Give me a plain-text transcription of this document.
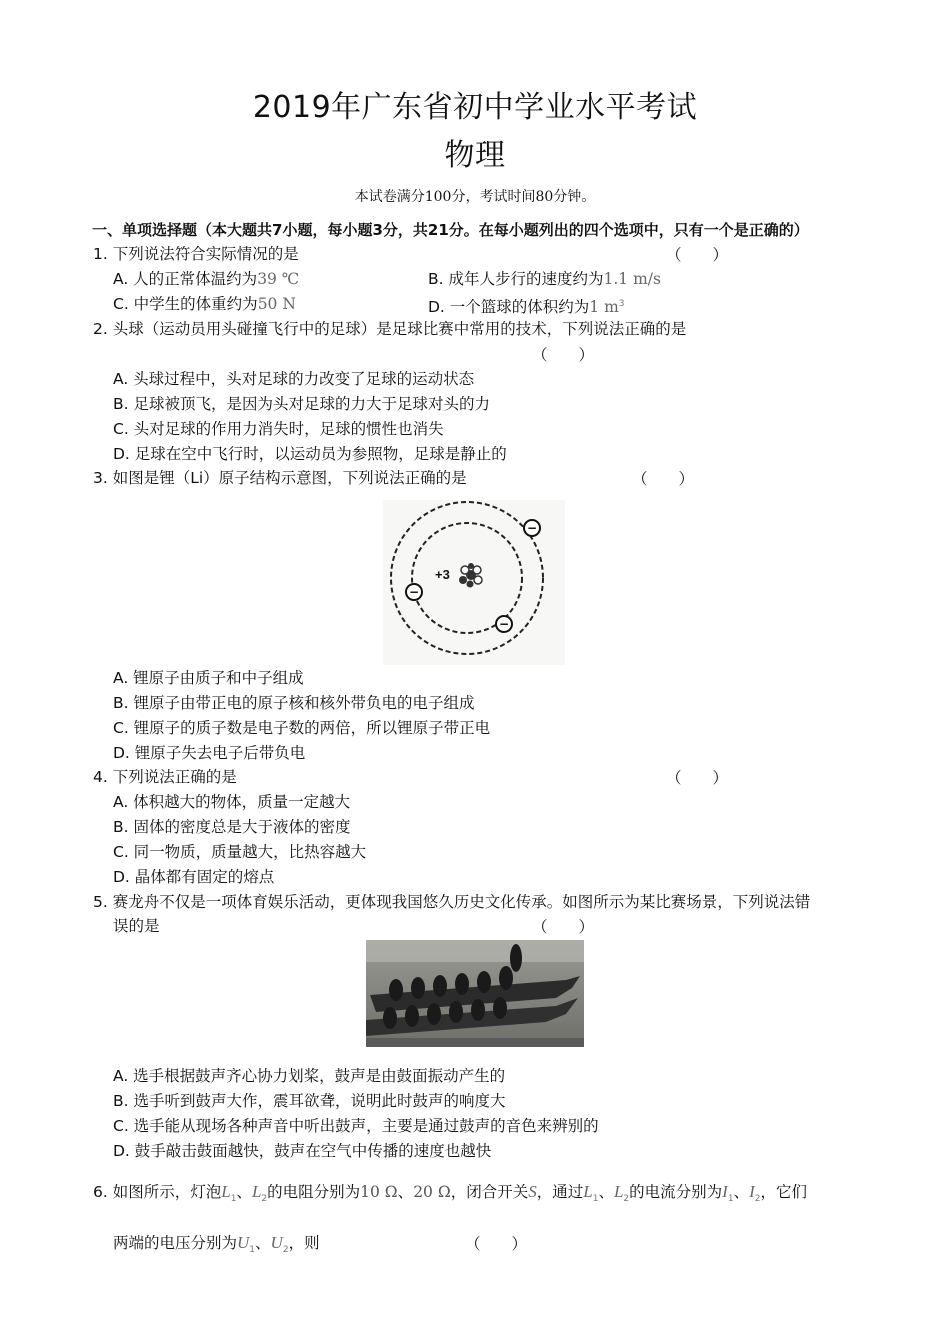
2019年广东省初中学业水平考试
物理
本试卷满分100分，考试时间80分钟。
一、单项选择题（本大题共7小题，每小题3分，共21分。在每小题列出的四个选项中，只有一个是正确的）
1. 下列说法符合实际情况的是	（　　）
A. 人的正常体温约为39 ℃	B. 成年人步行的速度约为1.1 m/s
C. 中学生的体重约为50 N	D. 一个篮球的体积约为1 $m^3$
2. 头球（运动员用头碰撞飞行中的足球）是足球比赛中常用的技术，下列说法正确的是
（　　）
A. 头球过程中，头对足球的力改变了足球的运动状态
B. 足球被顶飞，是因为头对足球的力大于足球对头的力
C. 头对足球的作用力消失时，足球的惯性也消失
D. 足球在空中飞行时，以运动员为参照物，足球是静止的
3. 如图是锂（Li）原子结构示意图，下列说法正确的是	（　　）
+3
−
−
−
A. 锂原子由质子和中子组成
B. 锂原子由带正电的原子核和核外带负电的电子组成
C. 锂原子的质子数是电子数的两倍，所以锂原子带正电
D. 锂原子失去电子后带负电
4. 下列说法正确的是	（　　）
A. 体积越大的物体，质量一定越大
B. 固体的密度总是大于液体的密度
C. 同一物质，质量越大，比热容越大
D. 晶体都有固定的熔点
5. 赛龙舟不仅是一项体育娱乐活动，更体现我国悠久历史文化传承。如图所示为某比赛场景，下列说法错
误的是	（　　）
A. 选手根据鼓声齐心协力划桨，鼓声是由鼓面振动产生的
B. 选手听到鼓声大作，震耳欲聋，说明此时鼓声的响度大
C. 选手能从现场各种声音中听出鼓声，主要是通过鼓声的音色来辨别的
D. 鼓手敲击鼓面越快，鼓声在空气中传播的速度也越快
6. 如图所示，灯泡$L_1$、$L_2$的电阻分别为10 Ω、20 Ω，闭合开关S，通过$L_1$、$L_2$的电流分别为$I_1$、$I_2$，它们
两端的电压分别为$U_1$、$U_2$，则	（　　）
